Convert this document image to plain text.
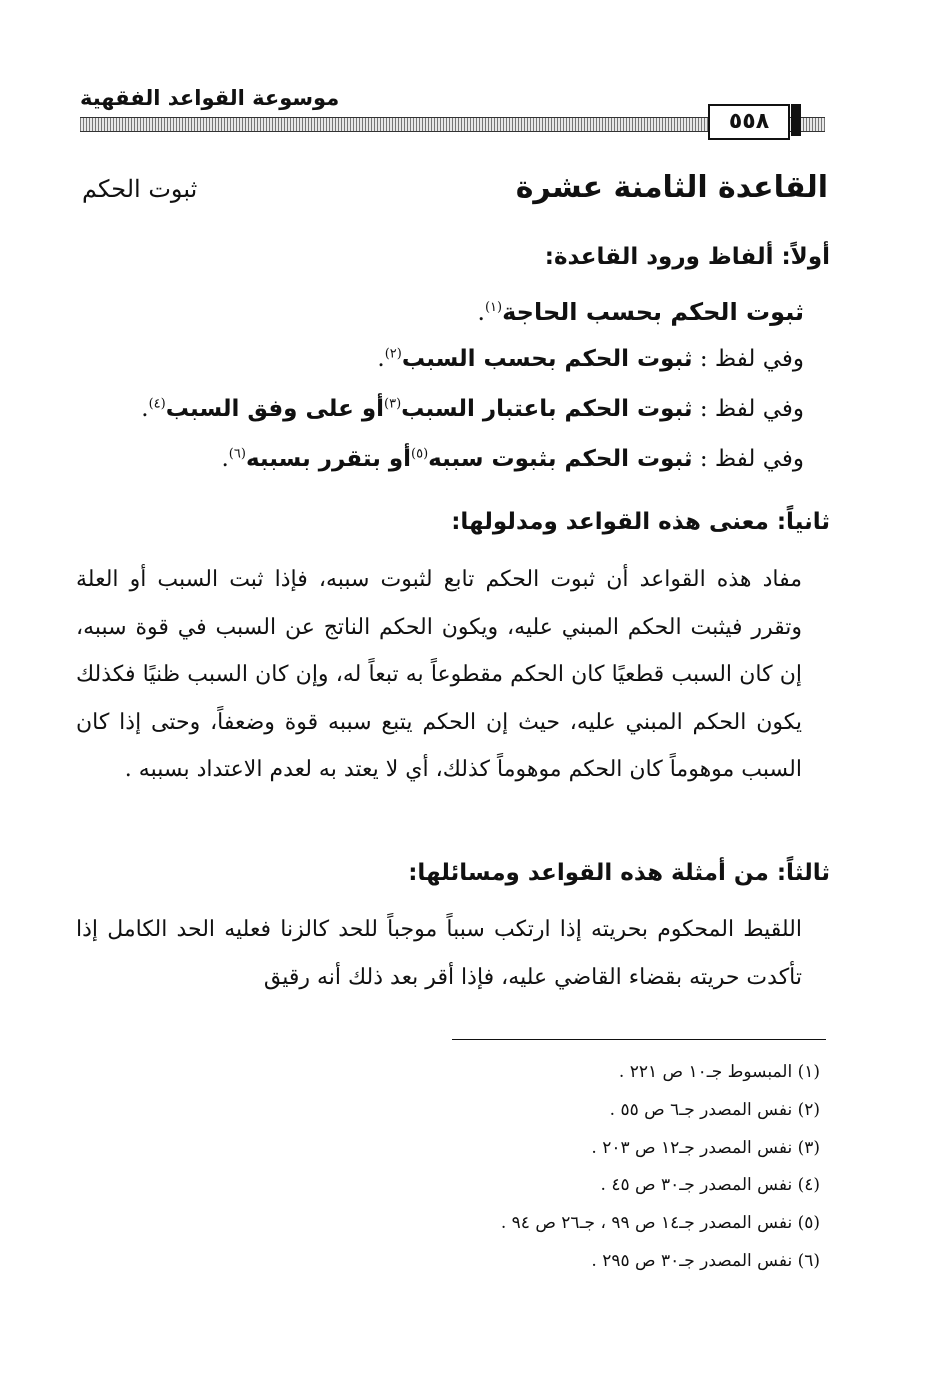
موسوعة القواعد الفقهية
٥٥٨
القاعدة الثامنة عشرة
ثبوت الحكم
أولاً: ألفاظ ورود القاعدة:
ثبوت الحكم بحسب الحاجة$^{(١)}$.
وفي لفظ : ثبوت الحكم بحسب السبب$^{(٢)}$.
وفي لفظ : ثبوت الحكم باعتبار السبب$^{(٣)}$أو على وفق السبب$^{(٤)}$.
وفي لفظ : ثبوت الحكم بثبوت سببه$^{(٥)}$أو بتقرر بسببه$^{(٦)}$.
ثانياً: معنى هذه القواعد ومدلولها:
مفاد هذه القواعد أن ثبوت الحكم تابع لثبوت سببه، فإذا ثبت السبب أو العلة وتقرر فيثبت الحكم المبني عليه، ويكون الحكم الناتج عن السبب في قوة سببه، إن كان السبب قطعيًا كان الحكم مقطوعاً به تبعاً له، وإن كان السبب ظنيًا فكذلك يكون الحكم المبني عليه، حيث إن الحكم يتبع سببه قوة وضعفاً، وحتى إذا كان السبب موهوماً كان الحكم موهوماً كذلك، أي لا يعتد به لعدم الاعتداد بسببه .
ثالثاً: من أمثلة هذه القواعد ومسائلها:
اللقيط المحكوم بحريته إذا ارتكب سبباً موجباً للحد كالزنا فعليه الحد الكامل إذا تأكدت حريته بقضاء القاضي عليه، فإذا أقر بعد ذلك أنه رقيق
(١) المبسوط جـ١٠ ص ٢٢١ .
(٢) نفس المصدر جـ٦ ص ٥٥ .
(٣) نفس المصدر جـ١٢ ص ٢٠٣ .
(٤) نفس المصدر جـ٣٠ ص ٤٥ .
(٥) نفس المصدر جـ١٤ ص ٩٩ ، جـ٢٦ ص ٩٤ .
(٦) نفس المصدر جـ٣٠ ص ٢٩٥ .
